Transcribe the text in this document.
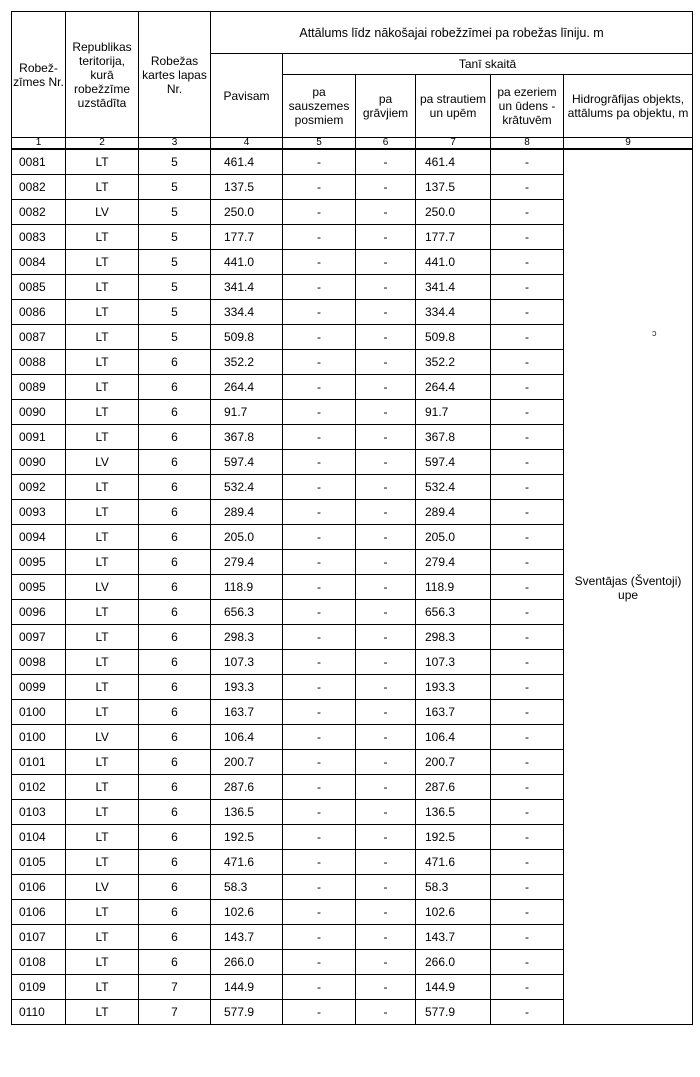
Robež-zīmes Nr.	Republikas teritorija, kurā robežzīme uzstādīta	Robežas kartes lapas Nr.	Attālums līdz nākošajai robežzīmei pa robežas līniju. m					
			Pavisam	Tanī skaitā				
				pa sauszemes posmiem	pa grāvjiem	pa strautiem un upēm	pa ezeriem un ūdens - krātuvēm	Hidrogrāfijas objekts, attālums pa objektu, m
1	2	3	4	5	6	7	8	9
0081	LT	5	461.4	-	-	461.4	-	Sventājas (Šventoji) upe
0082	LT	5	137.5	-	-	137.5	-	
0082	LV	5	250.0	-	-	250.0	-	
0083	LT	5	177.7	-	-	177.7	-	
0084	LT	5	441.0	-	-	441.0	-	
0085	LT	5	341.4	-	-	341.4	-	
0086	LT	5	334.4	-	-	334.4	-	
0087	LT	5	509.8	-	-	509.8	-	
0088	LT	6	352.2	-	-	352.2	-	
0089	LT	6	264.4	-	-	264.4	-	
0090	LT	6	91.7	-	-	91.7	-	
0091	LT	6	367.8	-	-	367.8	-	
0090	LV	6	597.4	-	-	597.4	-	
0092	LT	6	532.4	-	-	532.4	-	
0093	LT	6	289.4	-	-	289.4	-	
0094	LT	6	205.0	-	-	205.0	-	
0095	LT	6	279.4	-	-	279.4	-	
0095	LV	6	118.9	-	-	118.9	-	
0096	LT	6	656.3	-	-	656.3	-	
0097	LT	6	298.3	-	-	298.3	-	
0098	LT	6	107.3	-	-	107.3	-	
0099	LT	6	193.3	-	-	193.3	-	
0100	LT	6	163.7	-	-	163.7	-	
0100	LV	6	106.4	-	-	106.4	-	
0101	LT	6	200.7	-	-	200.7	-	
0102	LT	6	287.6	-	-	287.6	-	
0103	LT	6	136.5	-	-	136.5	-	
0104	LT	6	192.5	-	-	192.5	-	
0105	LT	6	471.6	-	-	471.6	-	
0106	LV	6	58.3	-	-	58.3	-	
0106	LT	6	102.6	-	-	102.6	-	
0107	LT	6	143.7	-	-	143.7	-	
0108	LT	6	266.0	-	-	266.0	-	
0109	LT	7	144.9	-	-	144.9	-	
0110	LT	7	577.9	-	-	577.9	-	
ɔ
